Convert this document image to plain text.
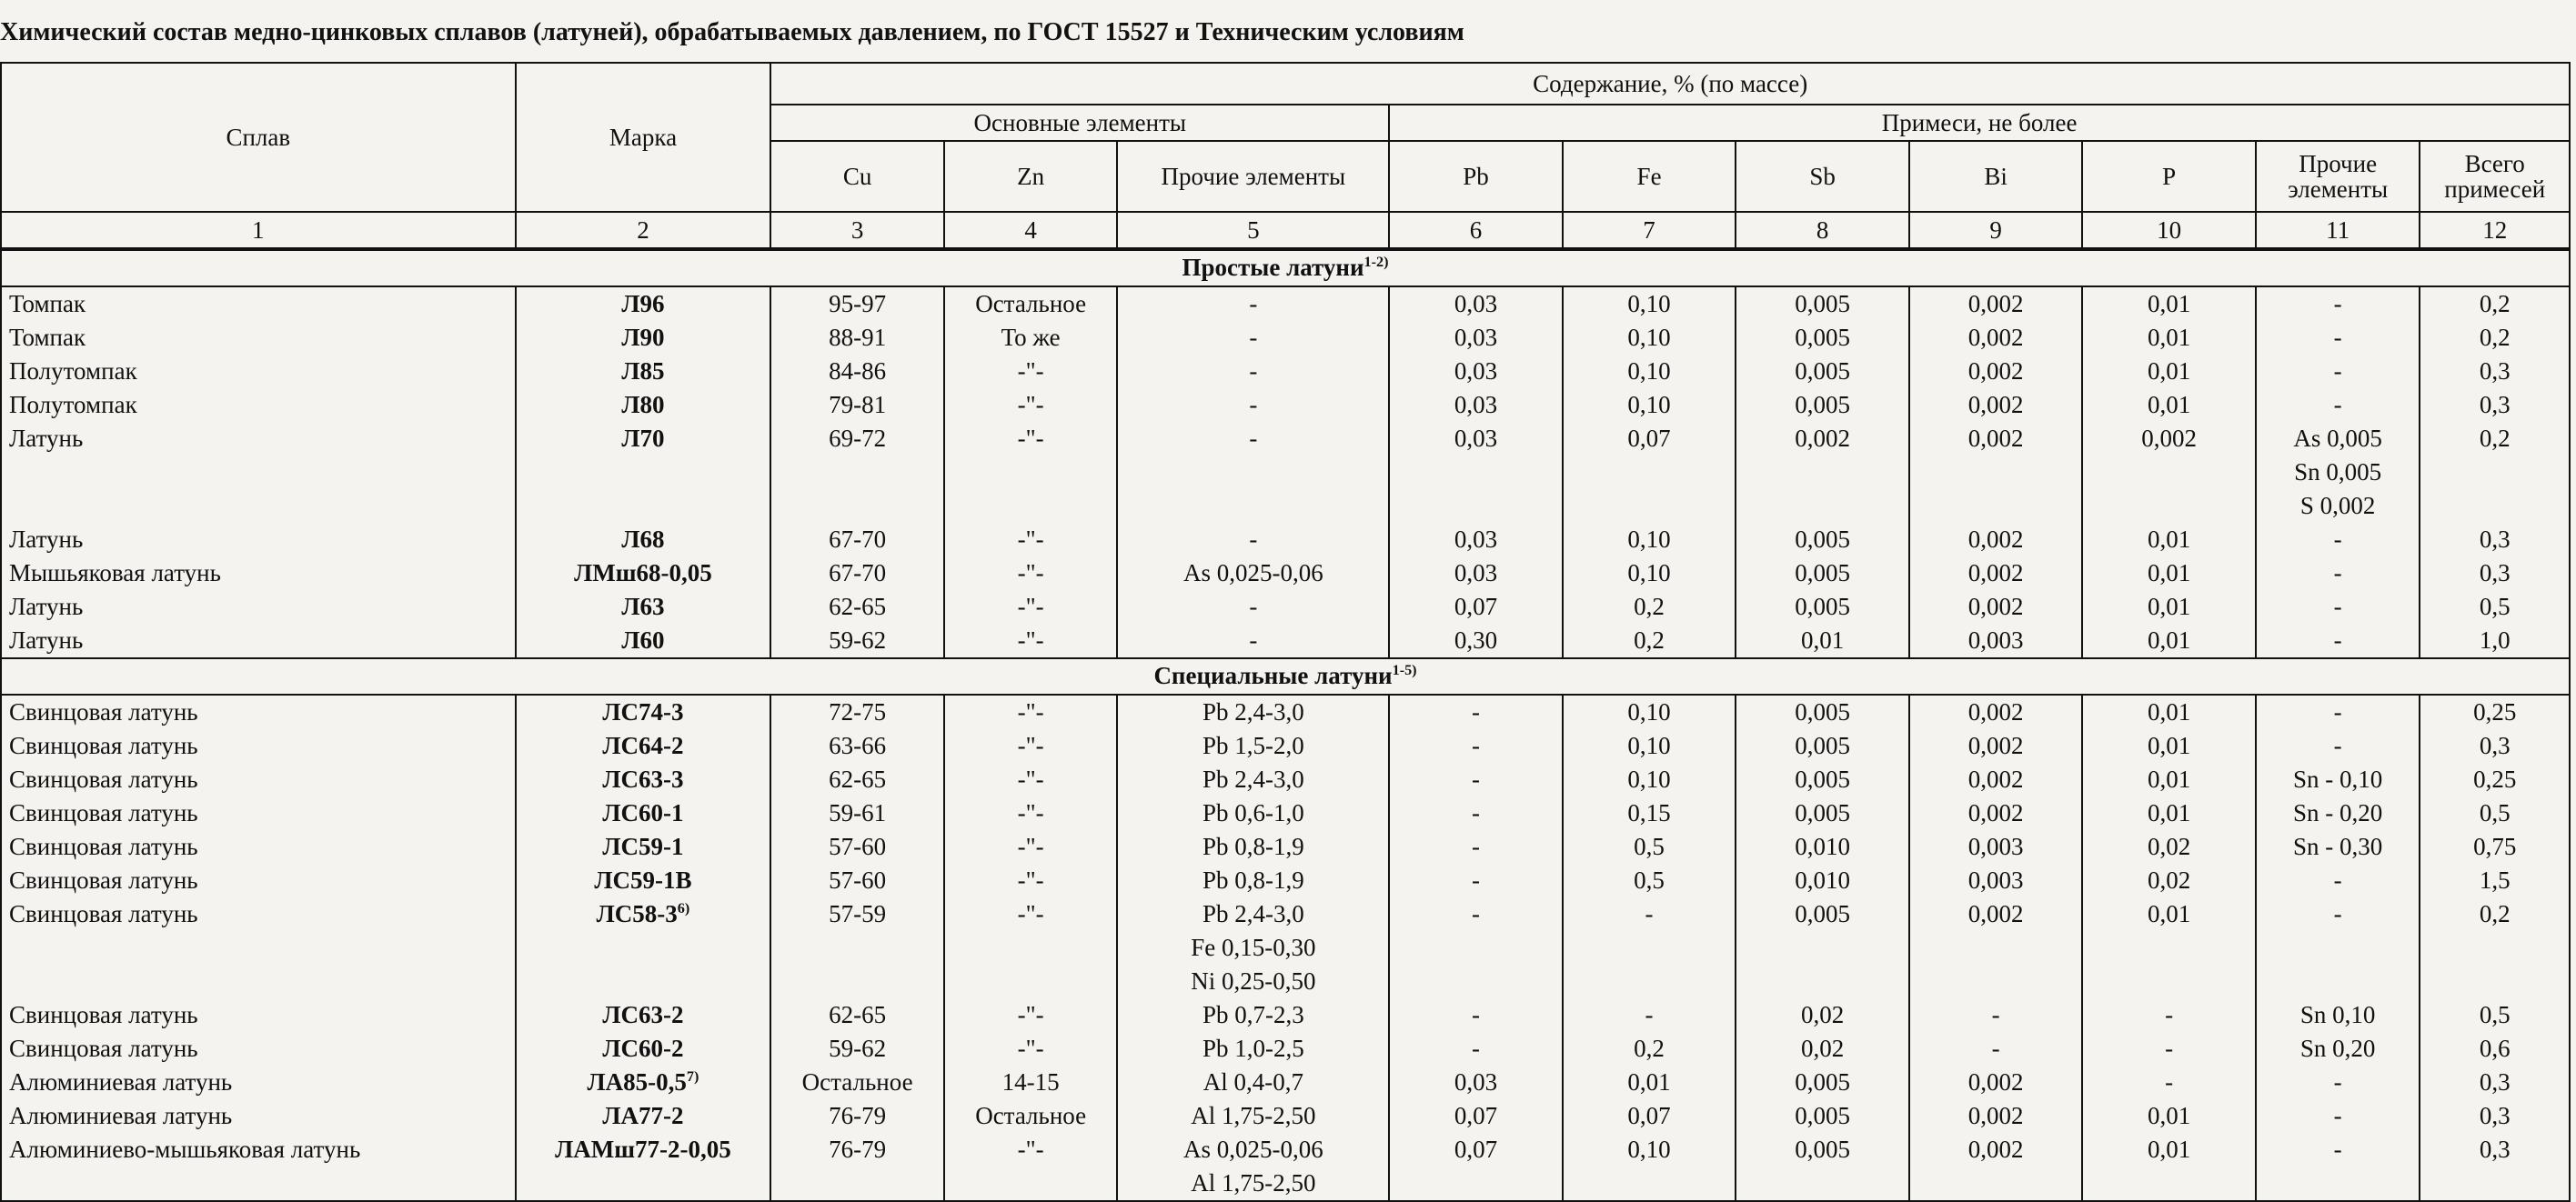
Химический состав медно-цинковых сплавов (латуней), обрабатываемых давлением, по ГОСТ 15527 и Техническим условиям
Сплав	Марка	Содержание, % (по массе)									
		Основные элементы			Примеси, не более						
		Cu	Zn	Прочие элементы	Pb	Fe	Sb	Bi	P	Прочие элементы	Всего примесей
1	2	3	4	5	6	7	8	9	10	11	12
Простые латуни$^{1-2)}$
Томпак	Л96	95-97	Остальное	-	0,03	0,10	0,005	0,002	0,01	-	0,2
Томпак	Л90	88-91	То же	-	0,03	0,10	0,005	0,002	0,01	-	0,2
Полутомпак	Л85	84-86	-"-	-	0,03	0,10	0,005	0,002	0,01	-	0,3
Полутомпак	Л80	79-81	-"-	-	0,03	0,10	0,005	0,002	0,01	-	0,3
Латунь	Л70	69-72	-"-	-	0,03	0,07	0,002	0,002	0,002	As 0,005	0,2
										Sn 0,005	
										S 0,002	
Латунь	Л68	67-70	-"-	-	0,03	0,10	0,005	0,002	0,01	-	0,3
Мышьяковая латунь	ЛМш68-0,05	67-70	-"-	As 0,025-0,06	0,03	0,10	0,005	0,002	0,01	-	0,3
Латунь	Л63	62-65	-"-	-	0,07	0,2	0,005	0,002	0,01	-	0,5
Латунь	Л60	59-62	-"-	-	0,30	0,2	0,01	0,003	0,01	-	1,0
Специальные латуни$^{1-5)}$
Свинцовая латунь	ЛС74-3	72-75	-"-	Pb 2,4-3,0	-	0,10	0,005	0,002	0,01	-	0,25
Свинцовая латунь	ЛС64-2	63-66	-"-	Pb 1,5-2,0	-	0,10	0,005	0,002	0,01	-	0,3
Свинцовая латунь	ЛС63-3	62-65	-"-	Pb 2,4-3,0	-	0,10	0,005	0,002	0,01	Sn - 0,10	0,25
Свинцовая латунь	ЛС60-1	59-61	-"-	Pb 0,6-1,0	-	0,15	0,005	0,002	0,01	Sn - 0,20	0,5
Свинцовая латунь	ЛС59-1	57-60	-"-	Pb 0,8-1,9	-	0,5	0,010	0,003	0,02	Sn - 0,30	0,75
Свинцовая латунь	ЛС59-1В	57-60	-"-	Pb 0,8-1,9	-	0,5	0,010	0,003	0,02	-	1,5
Свинцовая латунь	ЛС58-3$^{6)}$	57-59	-"-	Pb 2,4-3,0	-	-	0,005	0,002	0,01	-	0,2
				Fe 0,15-0,30							
				Ni 0,25-0,50							
Свинцовая латунь	ЛС63-2	62-65	-"-	Pb 0,7-2,3	-	-	0,02	-	-	Sn 0,10	0,5
Свинцовая латунь	ЛС60-2	59-62	-"-	Pb 1,0-2,5	-	0,2	0,02	-	-	Sn 0,20	0,6
Алюминиевая латунь	ЛА85-0,5$^{7)}$	Остальное	14-15	Al 0,4-0,7	0,03	0,01	0,005	0,002	-	-	0,3
Алюминиевая латунь	ЛА77-2	76-79	Остальное	Al 1,75-2,50	0,07	0,07	0,005	0,002	0,01	-	0,3
Алюминиево-мышьяковая латунь	ЛАМш77-2-0,05	76-79	-"-	As 0,025-0,06	0,07	0,10	0,005	0,002	0,01	-	0,3
				Al 1,75-2,50							
